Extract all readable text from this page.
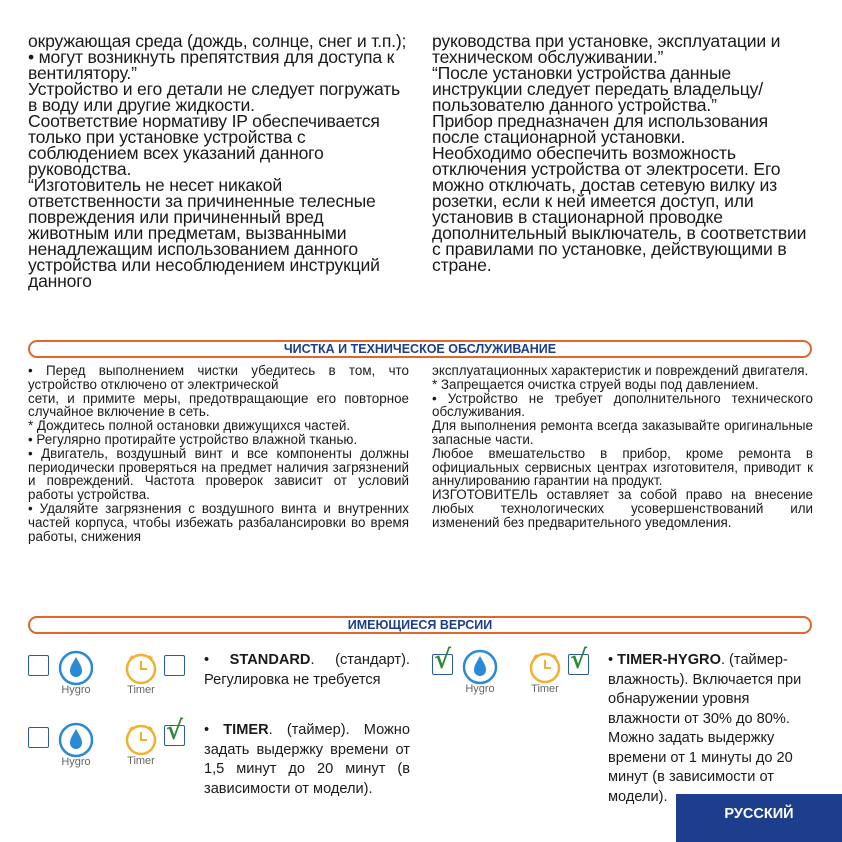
окружающая среда (дождь, солнце, снег и т.п.);

• могут возникнуть препятствия для доступа к вентилятору.”

Устройство и его детали не следует погружать в воду или другие жидкости.

Соответствие нормативу IP обеспечивается только при установке устройства с соблюдением всех указаний данного руководства.

“Изготовитель не несет никакой ответственности за причиненные телесные повреждения или причиненный вред животным или предметам, вызванными ненадлежащим использованием данного устройства или несоблюдением инструкций данного

руководства при установке, эксплуатации и техническом обслуживании.”

“После установки устройства данные инструкции следует передать владельцу/пользователю данного устройства.”

Прибор предназначен для использования после стационарной установки.

Необходимо обеспечить возможность отключения устройства от электросети. Его можно отключать, достав сетевую вилку из розетки, если к ней имеется доступ, или установив в стационарной проводке дополнительный выключатель, в соответствии с правилами по установке, действующими в стране.

ЧИСТКА И ТЕХНИЧЕСКОЕ ОБСЛУЖИВАНИЕ

• Перед выполнением чистки убедитесь в том, что устройство отключено от электрической

сети, и примите меры, предотвращающие его повторное случайное включение в сеть.

* Дождитесь полной остановки движущихся частей.

• Регулярно протирайте устройство влажной тканью.

• Двигатель, воздушный винт и все компоненты должны периодически проверяться на предмет наличия загрязнений и повреждений. Частота проверок зависит от условий работы устройства.

• Удаляйте загрязнения с воздушного винта и внутренних частей корпуса, чтобы избежать разбалансировки во время работы, снижения

эксплуатационных характеристик и повреждений двигателя.

* Запрещается очистка струей воды под давлением.

• Устройство не требует дополнительного технического обслуживания.

Для выполнения ремонта всегда заказывайте оригинальные запасные части.

Любое вмешательство в прибор, кроме ремонта в официальных сервисных центрах изготовителя, приводит к аннулированию гарантии на продукт.

ИЗГОТОВИТЕЛЬ оставляет за собой право на внесение любых технологических усовершенствований или изменений без предварительного уведомления.

ИМЕЮЩИЕСЯ ВЕРСИИ
Hygro	Timer
• STANDARD. (стандарт). Регулировка не требуется
Hygro	Timer
√ • TIMER. (таймер). Можно задать выдержку времени от 1,5 минут до 20 минут (в зависимости от модели).
√
Hygro	Timer
√ • TIMER-HYGRO. (таймер-влажность). Включается при обнаружении уровня влажности от 30% до 80%. Можно задать выдержку времени от 1 минуты до 20 минут (в зависимости от модели).
РУССКИЙ
